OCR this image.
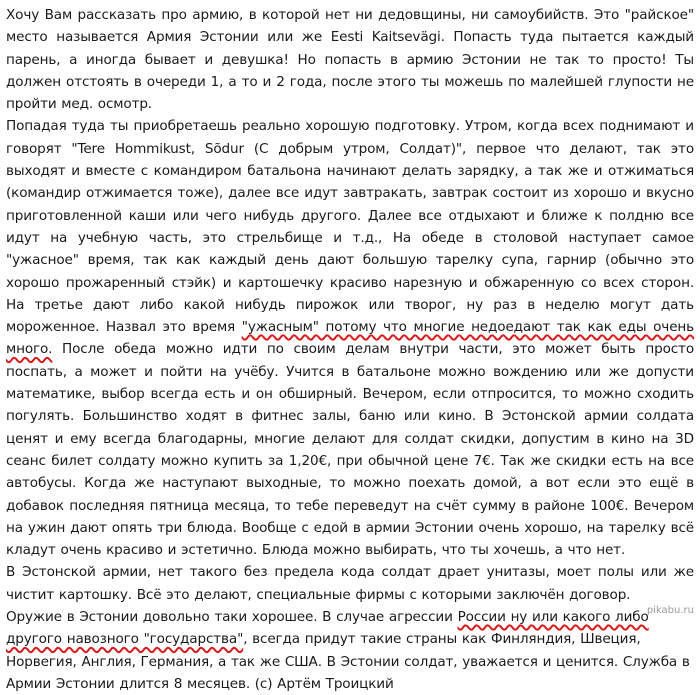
Хочу Вам рассказать про армию, в которой нет ни дедовщины, ни самоубийств. Это "райское" место называется Армия Эстонии или же Eesti Kaitsevägi. Попасть туда пытается каждый парень, а иногда бывает и девушка! Но попасть в армию Эстонии не так то просто! Ты должен отстоять в очереди 1, а то и 2 года, после этого ты можешь по малейшей глупости не пройти мед. осмотр.

Попадая туда ты приобретаешь реально хорошую подготовку. Утром, когда всех поднимают и говорят "Tere Hommikust, Sõdur (С добрым утром, Солдат)", первое что делают, так это выходят и вместе с командиром батальона начинают делать зарядку, а так же и отжиматься (командир отжимается тоже), далее все идут завтракать, завтрак состоит из хорошо и вкусно приготовленной каши или чего нибудь другого. Далее все отдыхают и ближе к полдню все идут на учебную часть, это стрельбище и т.д., На обеде в столовой наступает самое "ужасное" время, так как каждый день дают большую тарелку супа, гарнир (обычно это хорошо прожаренный стэйк) и картошечку красиво нарезную и обжаренную со всех сторон. На третье дают либо какой нибудь пирожок или творог, ну раз в неделю могут дать мороженное. Назвал это время "ужасным" потому что многие недоедают так как еды очень много. После обеда можно идти по своим делам внутри части, это может быть просто поспать, а может и пойти на учёбу. Учится в батальоне можно вождению или же допусти математике, выбор всегда есть и он обширный. Вечером, если отпросится, то можно сходить погулять. Большинство ходят в фитнес залы, баню или кино. В Эстонской армии солдата ценят и ему всегда благодарны, многие делают для солдат скидки, допустим в кино на 3D сеанс билет солдату можно купить за 1,20€, при обычной цене 7€. Так же скидки есть на все автобусы. Когда же наступают выходные, то можно поехать домой, а вот если это ещё в добавок последняя пятница месяца, то тебе переведут на счёт сумму в районе 100€. Вечером на ужин дают опять три блюда. Вообще с едой в армии Эстонии очень хорошо, на тарелку всё кладут очень красиво и эстетично. Блюда можно выбирать, что ты хочешь, а что нет.

В Эстонской армии, нет такого без предела кода солдат драет унитазы, моет полы или же чистит картошку. Всё это делают, специальные фирмы с которыми заключён договор.

Оружие в Эстонии довольно таки хорошее. В случае агрессии России ну или какого либо другого навозного "государства", всегда придут такие страны как Финляндия, Швеция, Норвегия, Англия, Германия, а так же США. В Эстонии солдат, уважается и ценится. Служба в Армии Эстонии длится 8 месяцев. (с) Артём Троицкий

pikabu.ru
